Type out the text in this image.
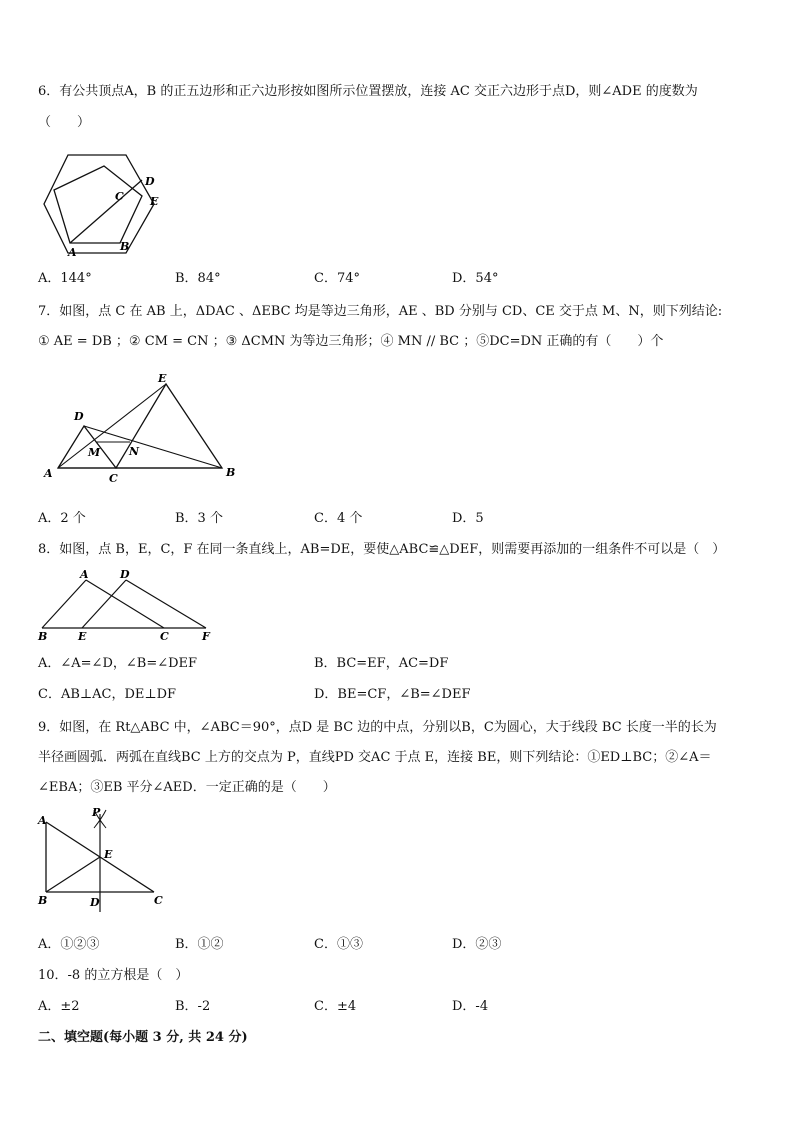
6．有公共顶点A，B 的正五边形和正六边形按如图所示位置摆放，连接 AC 交正六边形于点D，则∠ADE 的度数为
（　　）
A	B
C
D
E
A．144°	B．84°	C．74°	D．54°
7．如图，点 C 在 AB 上，ΔDAC 、ΔEBC 均是等边三角形，AE 、BD 分别与 CD、CE 交于点 M、N，则下列结论:
① AE = DB ；② CM = CN ；③ ΔCMN 为等边三角形；④ MN // BC ；⑤DC=DN 正确的有（　　）个
A	B
C
D
E
M	N
A．2 个	B．3 个	C．4 个	D．5
8．如图，点 B，E，C，F 在同一条直线上，AB=DE，要使△ABC≌△DEF，则需要再添加的一组条件不可以是（　）
A	D
B	E	C	F
A．∠A=∠D，∠B=∠DEF	B．BC=EF，AC=DF
C．AB⊥AC，DE⊥DF	D．BE=CF，∠B=∠DEF
9．如图，在 Rt△ABC 中，∠ABC＝90°，点D 是 BC 边的中点，分别以B，C为圆心，大于线段 BC 长度一半的长为
半径画圆弧．两弧在直线BC 上方的交点为 P，直线PD 交AC 于点 E，连接 BE，则下列结论：①ED⊥BC；②∠A＝
∠EBA；③EB 平分∠AED．一定正确的是（　　）
A
P
E
B	D	C
A．①②③	B．①②	C．①③	D．②③
10．-8 的立方根是（　）
A．±2	B．-2	C．±4	D．-4
二、填空题(每小题 3 分, 共 24 分)
